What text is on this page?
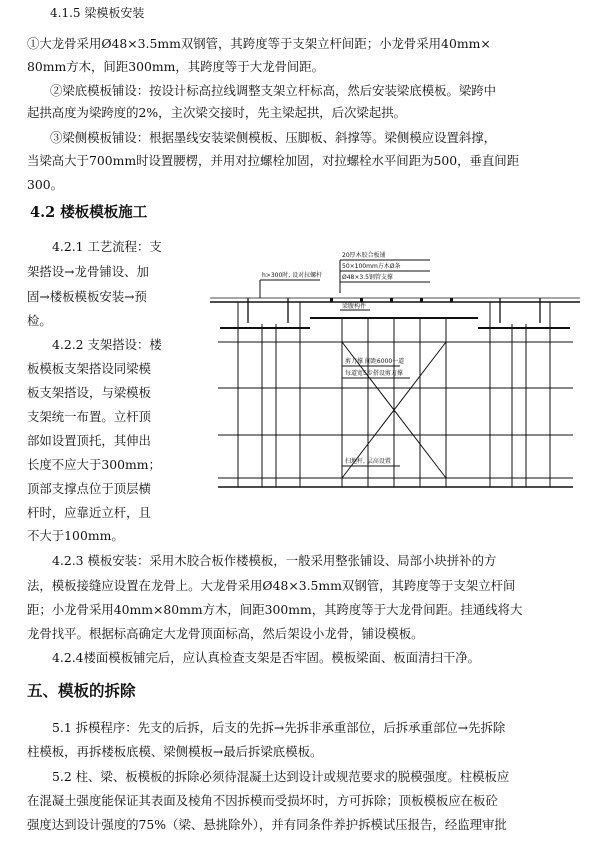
4.1.5 梁模板安装
①大龙骨采用Ø48×3.5mm双钢管，其跨度等于支架立杆间距；小龙骨采用40mm×
80mm方木，间距300mm，其跨度等于大龙骨间距。
②梁底模板铺设：按设计标高拉线调整支架立杆标高，然后安装梁底模板。梁跨中
起拱高度为梁跨度的2%，主次梁交接时，先主梁起拱，后次梁起拱。
③梁侧模板铺设：根据墨线安装梁侧模板、压脚板、斜撑等。梁侧模应设置斜撑，
当梁高大于700mm时设置腰楞，并用对拉螺栓加固，对拉螺栓水平间距为500，垂直间距
300。
4.2 楼板模板施工
4.2.1 工艺流程：支
架搭设→龙骨铺设、加
固→楼板模板安装→预
检。
4.2.2 支架搭设：楼
板模板支架搭设同梁模
板支架搭设，与梁模板
支架统一布置。立杆顶
部如设置顶托，其伸出
长度不应大于300mm；
顶部支撑点位于顶层横
杆时，应靠近立杆，且
不大于100mm。
20厚木胶合板铺
50×100mm方木Ø条
Ø48×3.5钢管支撑
h>300时, 设对拉螺杆
梁腹构件
剪刀撑 间距6000一道
每道宽5步搭设剪刀撑
扫地杆, 层高设置
4.2.3 模板安装：采用木胶合板作楼模板，一般采用整张铺设、局部小块拼补的方
法，模板接缝应设置在龙骨上。大龙骨采用Ø48×3.5mm双钢管，其跨度等于支架立杆间
距；小龙骨采用40mm×80mm方木，间距300mm，其跨度等于大龙骨间距。挂通线将大
龙骨找平。根据标高确定大龙骨顶面标高，然后架设小龙骨，铺设模板。
4.2.4楼面模板铺完后，应认真检查支架是否牢固。模板梁面、板面清扫干净。
五、模板的拆除
5.1 拆模程序：先支的后拆，后支的先拆→先拆非承重部位，后拆承重部位→先拆除
柱模板，再拆楼板底模、梁侧模板→最后拆梁底模板。
5.2 柱、梁、板模板的拆除必须待混凝土达到设计或规范要求的脱模强度。柱模板应
在混凝土强度能保证其表面及棱角不因拆模而受损坏时，方可拆除；顶板模板应在板砼
强度达到设计强度的75%（梁、悬挑除外），并有同条件养护拆模试压报告，经监理审批
